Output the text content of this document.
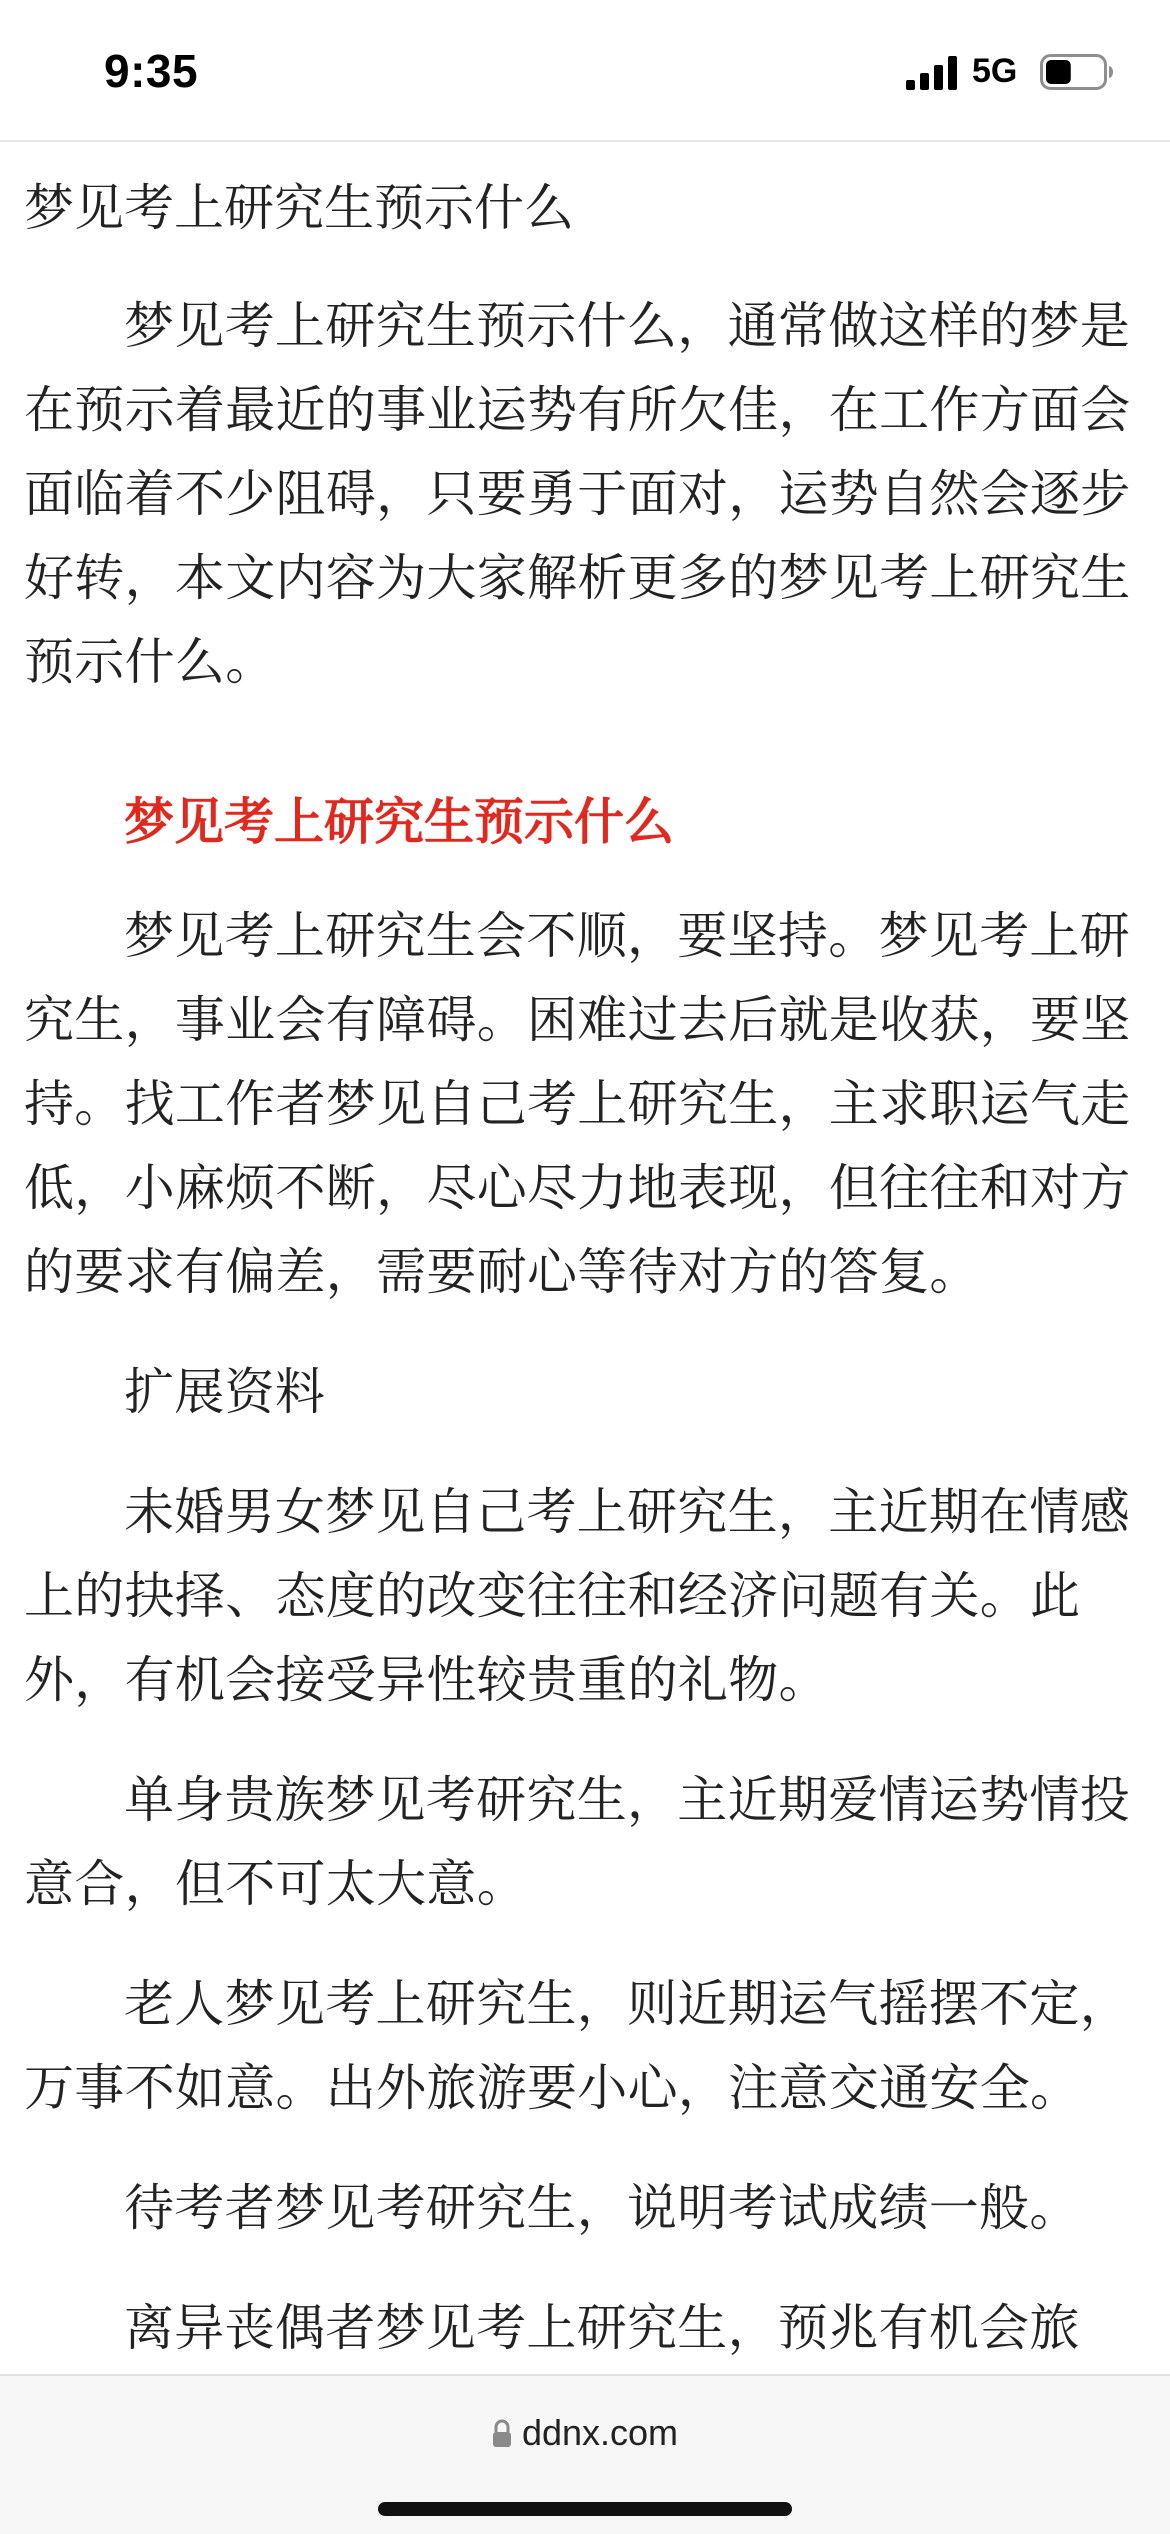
9:35	5G

梦见考上研究生预示什么

梦见考上研究生预示什么，通常做这样的梦是在预示着最近的事业运势有所欠佳，在工作方面会面临着不少阻碍，只要勇于面对，运势自然会逐步好转，本文内容为大家解析更多的梦见考上研究生预示什么。

梦见考上研究生预示什么

梦见考上研究生会不顺，要坚持。梦见考上研究生，事业会有障碍。困难过去后就是收获，要坚持。找工作者梦见自己考上研究生，主求职运气走低，小麻烦不断，尽心尽力地表现，但往往和对方的要求有偏差，需要耐心等待对方的答复。

扩展资料

未婚男女梦见自己考上研究生，主近期在情感上的抉择、态度的改变往往和经济问题有关。此外，有机会接受异性较贵重的礼物。

单身贵族梦见考研究生，主近期爱情运势情投意合，但不可太大意。

老人梦见考上研究生，则近期运气摇摆不定，万事不如意。出外旅游要小心，注意交通安全。

待考者梦见考研究生，说明考试成绩一般。

离异丧偶者梦见考上研究生，预兆有机会旅

ddnx.com
